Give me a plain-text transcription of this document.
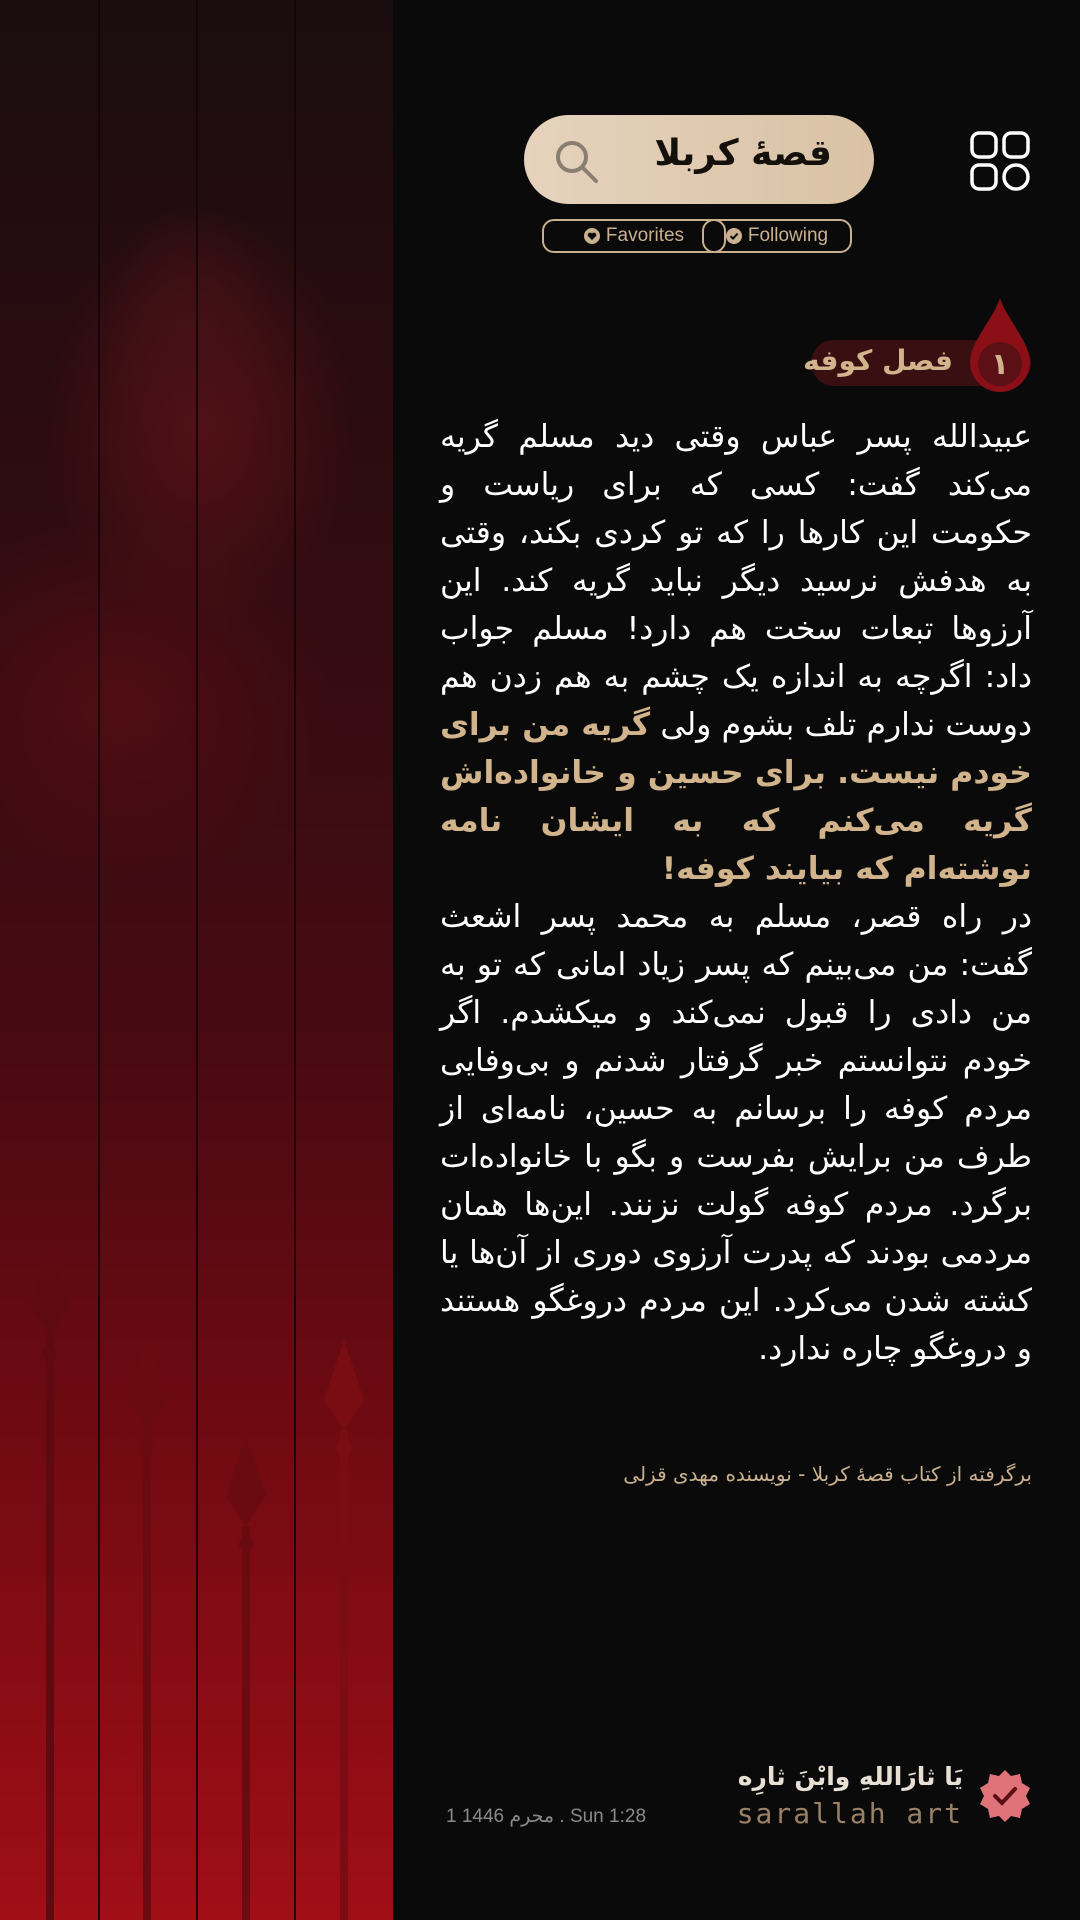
قصهٔ کربلا
Favorites	Following
فصل کوفه	۱
عبیدالله پسر عباس وقتی دید مسلم گریه می‌کند گفت: کسی که برای ریاست و حکومت این کارها را که تو کردی بکند، وقتی به هدفش نرسید دیگر نباید گریه کند. این آرزوها تبعات سخت هم دارد! مسلم جواب داد: اگرچه به اندازه یک چشم به هم زدن هم دوست ندارم تلف بشوم ولی گریه من برای خودم نیست. برای حسین و خانواده‌اش گریه می‌کنم که به ایشان نامه نوشته‌ام که بیایند کوفه!
در راه قصر، مسلم به محمد پسر اشعث گفت: من می‌بینم که پسر زیاد امانی که تو به من دادی را قبول نمی‌کند و میکشدم. اگر خودم نتوانستم خبر گرفتار شدنم و بی‌وفایی مردم کوفه را برسانم به حسین، نامه‌ای از طرف من برایش بفرست و بگو با خانواده‌ات برگرد. مردم کوفه گولت نزنند. این‌ها همان مردمی بودند که پدرت آرزوی دوری از آن‌ها یا کشته شدن می‌کرد. این مردم دروغگو هستند و دروغگو چاره ندارد.
برگرفته از کتاب قصهٔ کربلا - نویسنده مهدی قزلی
يَا ثارَاللهِ وابْنَ ثارِه
sarallah art
1 محرم 1446 . Sun 1:28
